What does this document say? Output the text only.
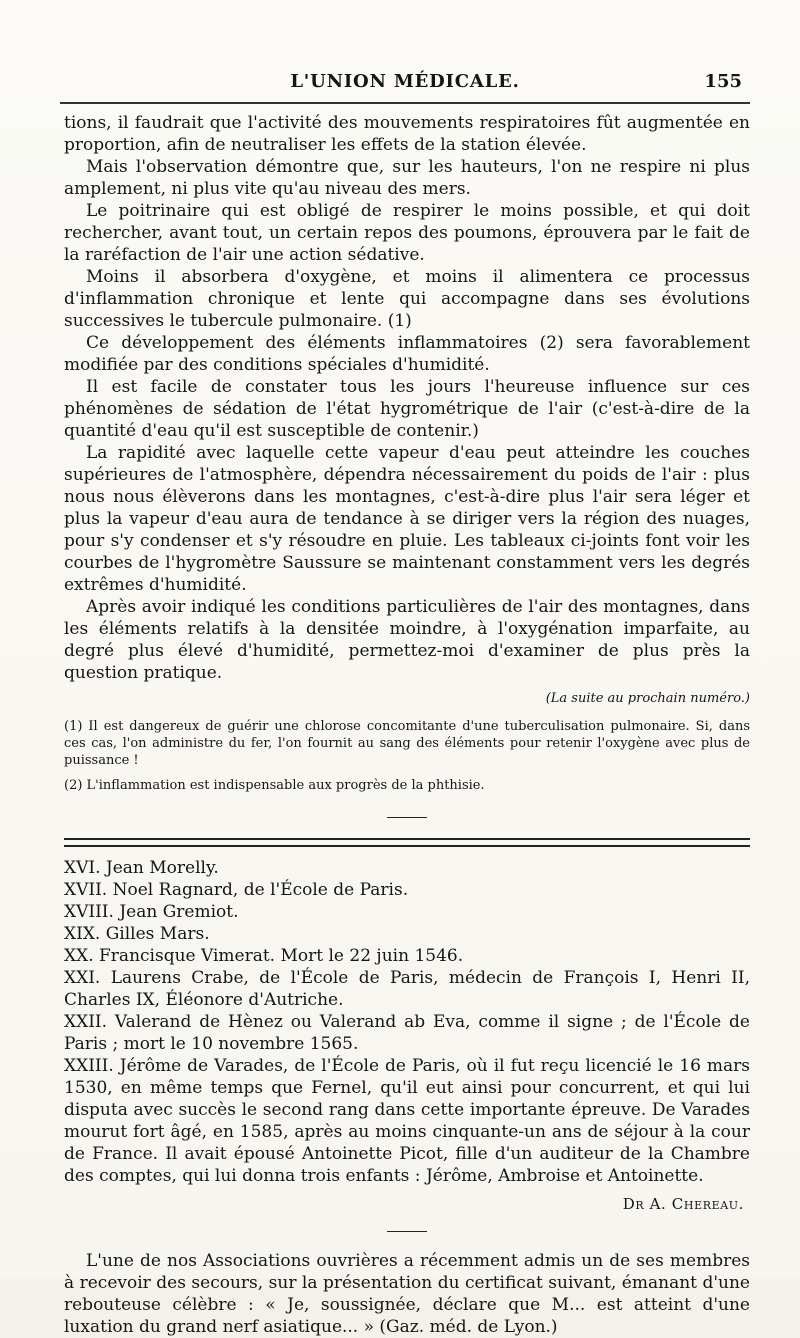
L'UNION MÉDICALE.	155

tions, il faudrait que l'activité des mouvements respiratoires fût augmentée en proportion, afin de neutraliser les effets de la station élevée.

Mais l'observation démontre que, sur les hauteurs, l'on ne respire ni plus amplement, ni plus vite qu'au niveau des mers.

Le poitrinaire qui est obligé de respirer le moins possible, et qui doit rechercher, avant tout, un certain repos des poumons, éprouvera par le fait de la raréfaction de l'air une action sédative.

Moins il absorbera d'oxygène, et moins il alimentera ce processus d'inflammation chronique et lente qui accompagne dans ses évolutions successives le tubercule pulmonaire. (1)

Ce développement des éléments inflammatoires (2) sera favorablement modifiée par des conditions spéciales d'humidité.

Il est facile de constater tous les jours l'heureuse influence sur ces phénomènes de sédation de l'état hygrométrique de l'air (c'est-à-dire de la quantité d'eau qu'il est susceptible de contenir.)

La rapidité avec laquelle cette vapeur d'eau peut atteindre les couches supérieures de l'atmosphère, dépendra nécessairement du poids de l'air : plus nous nous élèverons dans les montagnes, c'est-à-dire plus l'air sera léger et plus la vapeur d'eau aura de tendance à se diriger vers la région des nuages, pour s'y condenser et s'y résoudre en pluie. Les tableaux ci-joints font voir les courbes de l'hygromètre Saussure se maintenant constamment vers les degrés extrêmes d'humidité.

Après avoir indiqué les conditions particulières de l'air des montagnes, dans les éléments relatifs à la densitée moindre, à l'oxygénation imparfaite, au degré plus élevé d'humidité, permettez-moi d'examiner de plus près la question pratique.

(La suite au prochain numéro.)
(1) Il est dangereux de guérir une chlorose concomitante d'une tuberculisation pulmonaire. Si, dans ces cas, l'on administre du fer, l'on fournit au sang des éléments pour retenir l'oxygène avec plus de puissance !
(2) L'inflammation est indispensable aux progrès de la phthisie.

XVI. Jean Morelly.

XVII. Noel Ragnard, de l'École de Paris.

XVIII. Jean Gremiot.

XIX. Gilles Mars.

XX. Francisque Vimerat. Mort le 22 juin 1546.

XXI. Laurens Crabe, de l'École de Paris, médecin de François I, Henri II, Charles IX, Éléonore d'Autriche.

XXII. Valerand de Hènez ou Valerand ab Eva, comme il signe ; de l'École de Paris ; mort le 10 novembre 1565.

XXIII. Jérôme de Varades, de l'École de Paris, où il fut reçu licencié le 16 mars 1530, en même temps que Fernel, qu'il eut ainsi pour concurrent, et qui lui disputa avec succès le second rang dans cette importante épreuve. De Varades mourut fort âgé, en 1585, après au moins cinquante-un ans de séjour à la cour de France. Il avait épousé Antoinette Picot, fille d'un auditeur de la Chambre des comptes, qui lui donna trois enfants : Jérôme, Ambroise et Antoinette.

Dr A. Chereau.

L'une de nos Associations ouvrières a récemment admis un de ses membres à recevoir des secours, sur la présentation du certificat suivant, émanant d'une rebouteuse célèbre : « Je, soussignée, déclare que M... est atteint d'une luxation du grand nerf asiatique... » (Gaz. méd. de Lyon.)
